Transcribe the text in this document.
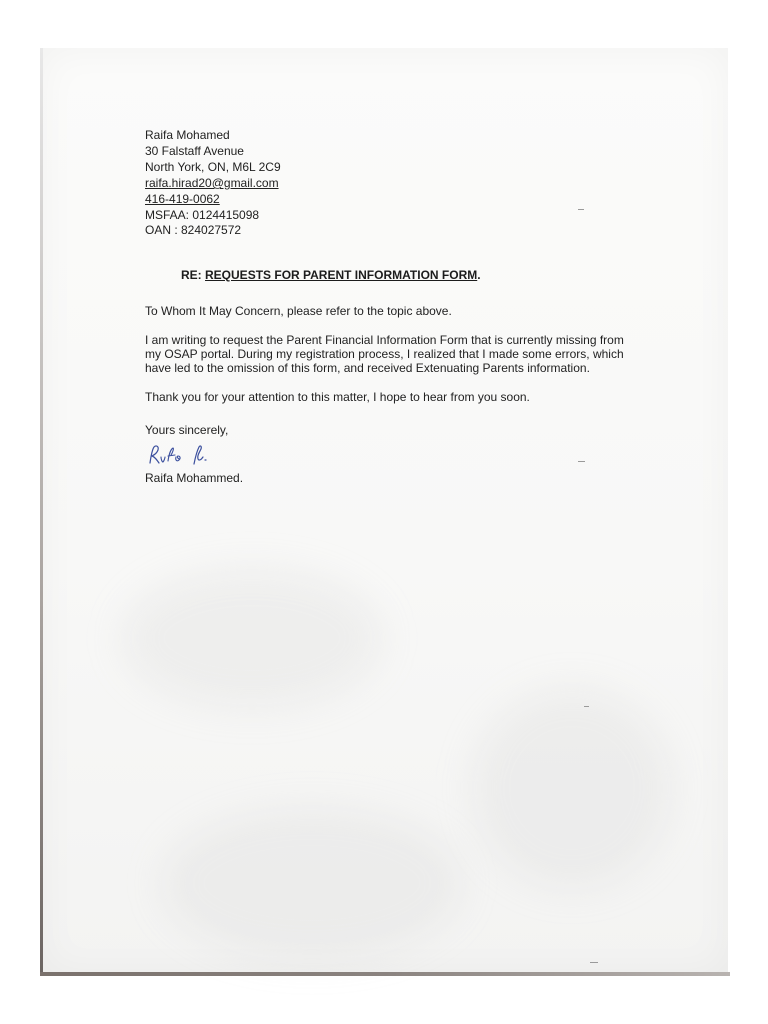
Raifa Mohamed
30 Falstaff Avenue
North York, ON, M6L 2C9
raifa.hirad20@gmail.com
416-419-0062
MSFAA: 0124415098
OAN : 824027572
RE: REQUESTS FOR PARENT INFORMATION FORM.
To Whom It May Concern, please refer to the topic above.
I am writing to request the Parent Financial Information Form that is currently missing from
my OSAP portal. During my registration process, I realized that I made some errors, which
have led to the omission of this form, and received Extenuating Parents information.
Thank you for your attention to this matter, I hope to hear from you soon.
Yours sincerely,
Raifa Mohammed.
